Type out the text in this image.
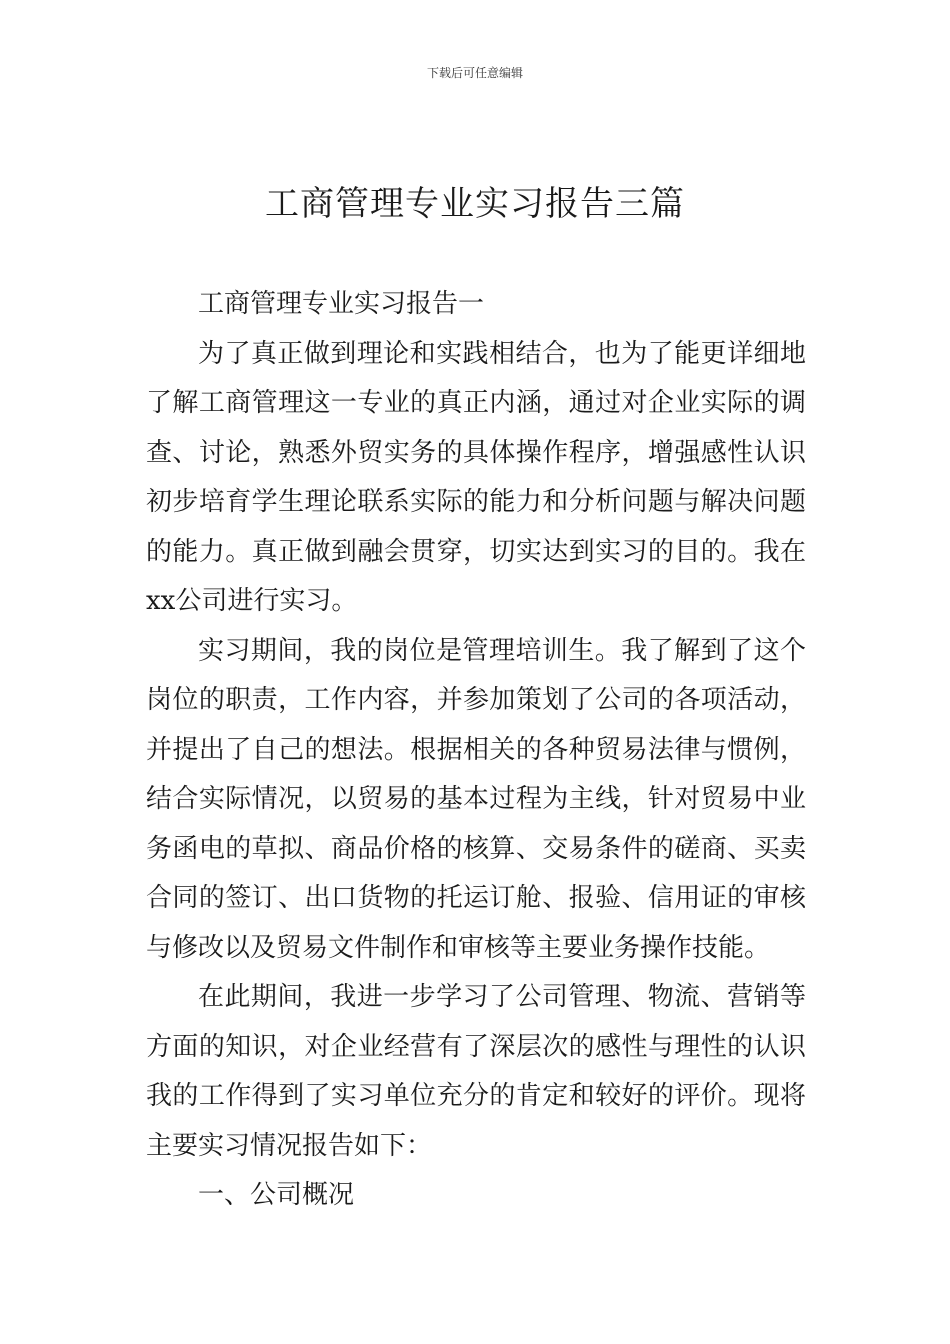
下载后可任意编辑
工商管理专业实习报告三篇

工商管理专业实习报告一

为了真正做到理论和实践相结合，也为了能更详细地了解工商管理这一专业的真正内涵，通过对企业实际的调查、讨论，熟悉外贸实务的具体操作程序，增强感性认识初步培育学生理论联系实际的能力和分析问题与解决问题的能力。真正做到融会贯穿，切实达到实习的目的。我在xx公司进行实习。

实习期间，我的岗位是管理培训生。我了解到了这个岗位的职责，工作内容，并参加策划了公司的各项活动，并提出了自己的想法。根据相关的各种贸易法律与惯例，结合实际情况，以贸易的基本过程为主线，针对贸易中业务函电的草拟、商品价格的核算、交易条件的磋商、买卖合同的签订、出口货物的托运订舱、报验、信用证的审核与修改以及贸易文件制作和审核等主要业务操作技能。

在此期间，我进一步学习了公司管理、物流、营销等方面的知识，对企业经营有了深层次的感性与理性的认识我的工作得到了实习单位充分的肯定和较好的评价。现将主要实习情况报告如下：

一、公司概况
